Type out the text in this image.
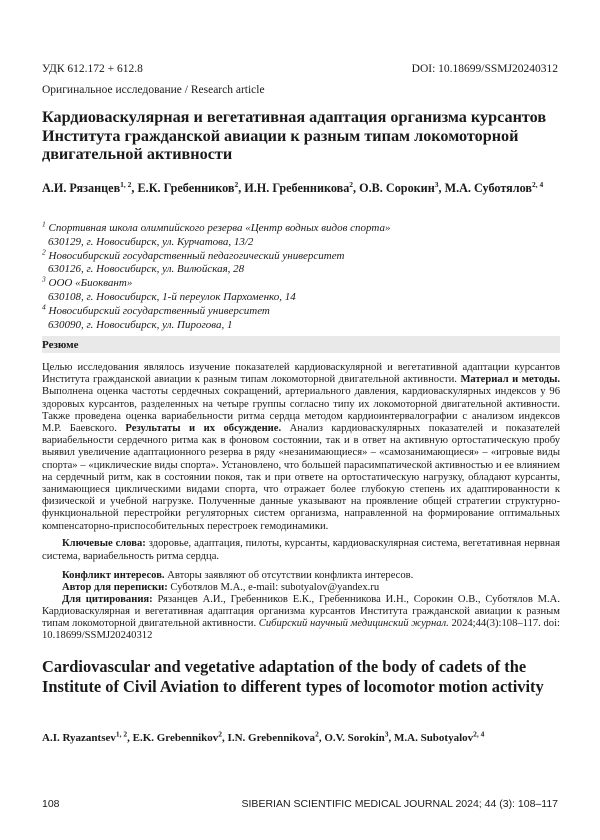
УДК 612.172 + 612.8	DOI: 10.18699/SSMJ20240312
Оригинальное исследование / Research article
Кардиоваскулярная и вегетативная адаптация организма курсантов Института гражданской авиации к разным типам локомоторной двигательной активности

А.И. Рязанцев$^{1, 2}$, Е.К. Гребенников$^2$, И.Н. Гребенникова$^2$, О.В. Сорокин$^3$, М.А. Суботялов$^{2, 4}$

$^1$ Спортивная школа олимпийского резерва «Центр водных видов спорта»
630129, г. Новосибирск, ул. Курчатова, 13/2
$^2$ Новосибирский государственный педагогический университет
630126, г. Новосибирск, ул. Вилюйская, 28
$^3$ ООО «Биоквант»
630108, г. Новосибирск, 1-й переулок Пархоменко, 14
$^4$ Новосибирский государственный университет
630090, г. Новосибирск, ул. Пирогова, 1
Резюме

Целью исследования являлось изучение показателей кардиоваскулярной и вегетативной адаптации курсантов Института гражданской авиации к разным типам локомоторной двигательной активности. Материал и методы. Выполнена оценка частоты сердечных сокращений, артериального давления, кардиоваскулярных индексов у 96 здоровых курсантов, разделенных на четыре группы согласно типу их локомоторной двигательной активности. Также проведена оценка вариабельности ритма сердца методом кардиоинтервалографии с анализом индексов М.Р. Баевского. Результаты и их обсуждение. Анализ кардиоваскулярных показателей и показателей вариабельности сердечного ритма как в фоновом состоянии, так и в ответ на активную ортостатическую пробу выявил увеличение адаптационного резерва в ряду «незанимающиеся» – «самозанимающиеся» – «игровые виды спорта» – «циклические виды спорта». Установлено, что большей парасимпатической активностью и ее влиянием на сердечный ритм, как в состоянии покоя, так и при ответе на ортостатическую нагрузку, обладают курсанты, занимающиеся циклическими видами спорта, что отражает более глубокую степень их адаптированности к физической и учебной нагрузке. Полученные данные указывают на проявление общей стратегии структурно-функциональной перестройки регуляторных систем организма, направленной на формирование оптимальных компенсаторно-приспособительных перестроек гемодинамики.

Ключевые слова: здоровье, адаптация, пилоты, курсанты, кардиоваскулярная система, вегетативная нервная система, вариабельность ритма сердца.

Конфликт интересов. Авторы заявляют об отсутствии конфликта интересов.

Автор для переписки: Суботялов М.А., e-mail: subotyalov@yandex.ru

Для цитирования: Рязанцев А.И., Гребенников Е.К., Гребенникова И.Н., Сорокин О.В., Суботялов М.А. Кардиоваскулярная и вегетативная адаптация организма курсантов Института гражданской авиации к разным типам локомоторной двигательной активности. Сибирский научный медицинский журнал. 2024;44(3):108–117. doi: 10.18699/SSMJ20240312

Cardiovascular and vegetative adaptation of the body of cadets of the Institute of Civil Aviation to different types of locomotor motion activity

A.I. Ryazantsev$^{1, 2}$, E.K. Grebennikov$^2$, I.N. Grebennikova$^2$, O.V. Sorokin$^3$, M.A. Subotyalov$^{2, 4}$

108	SIBERIAN SCIENTIFIC MEDICAL JOURNAL 2024; 44 (3): 108–117
